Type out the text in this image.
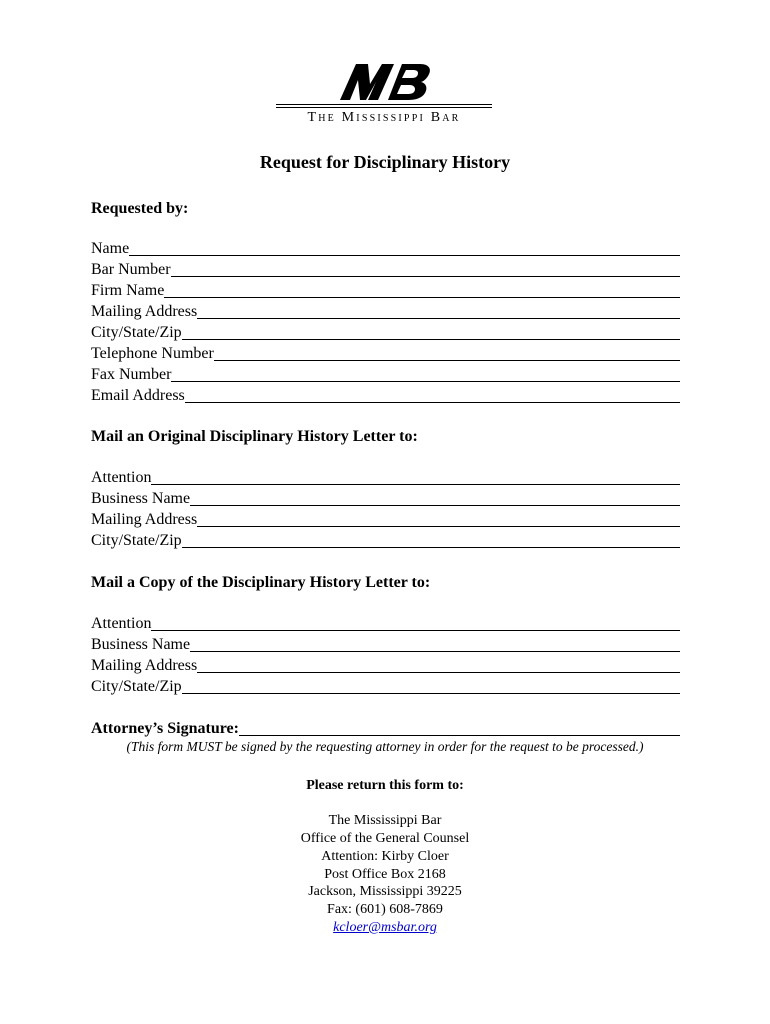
The Mississippi Bar
Request for Disciplinary History
Requested by:
Name
Bar Number
Firm Name
Mailing Address
City/State/Zip
Telephone Number
Fax Number
Email Address
Mail an Original Disciplinary History Letter to:
Attention
Business Name
Mailing Address
City/State/Zip
Mail a Copy of the Disciplinary History Letter to:
Attention
Business Name
Mailing Address
City/State/Zip
Attorney’s Signature:
(This form MUST be signed by the requesting attorney in order for the request to be processed.)
Please return this form to:
The Mississippi Bar
Office of the General Counsel
Attention: Kirby Cloer
Post Office Box 2168
Jackson, Mississippi 39225
Fax: (601) 608-7869
kcloer@msbar.org
